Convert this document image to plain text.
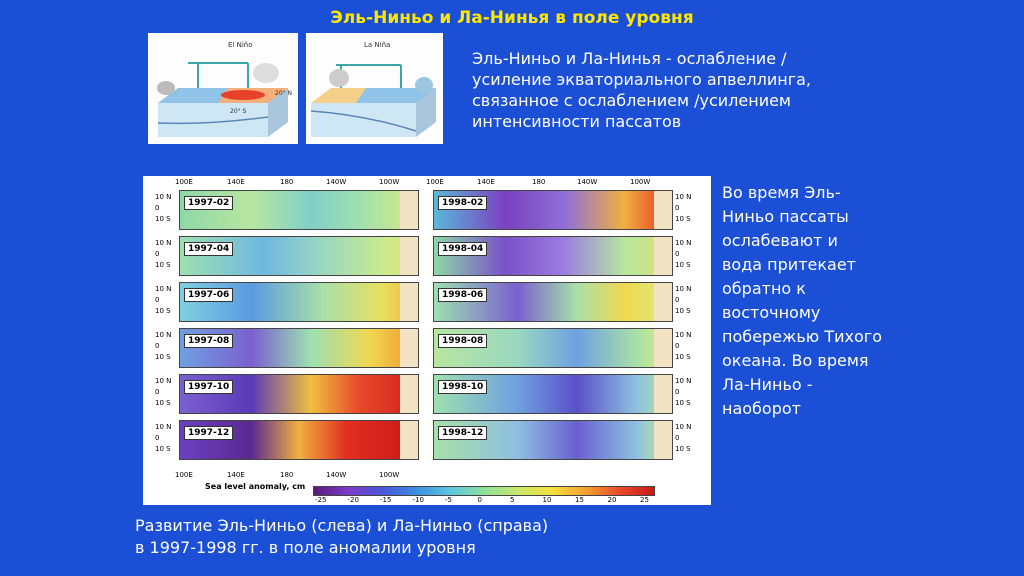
Эль-Ниньо и Ла-Нинья в поле уровня
El Niño
20° N
20° S
La Niña
Эль-Ниньо и Ла-Нинья - ослабление /усиление экваториального апвеллинга, связанное с ослаблением /усилением интенсивности пассатов
100E	140E	180	140W	100W	100E	140E	180	140W	100W
1997-02
10 N
0
10 S
1998-02
10 N
0
10 S
1997-04
10 N
0
10 S
1998-04
10 N
0
10 S
1997-06
10 N
0
10 S
1998-06
10 N
0
10 S
1997-08
10 N
0
10 S
1998-08
10 N
0
10 S
1997-10
10 N
0
10 S
1998-10
10 N
0
10 S
1997-12
10 N
0
10 S
1998-12
10 N
0
10 S
100E	140E	180	140W	100W
Sea level anomaly, cm
-25	-20	-15	-10	-5	0	5	10	15	20	25
Во время Эль-Ниньо пассаты ослабевают и вода притекает обратно к восточному побережью Тихого океана. Во время Ла-Ниньо - наоборот
Развитие Эль-Ниньо (слева) и Ла-Ниньо (справа)
в 1997-1998 гг. в поле аномалии уровня
